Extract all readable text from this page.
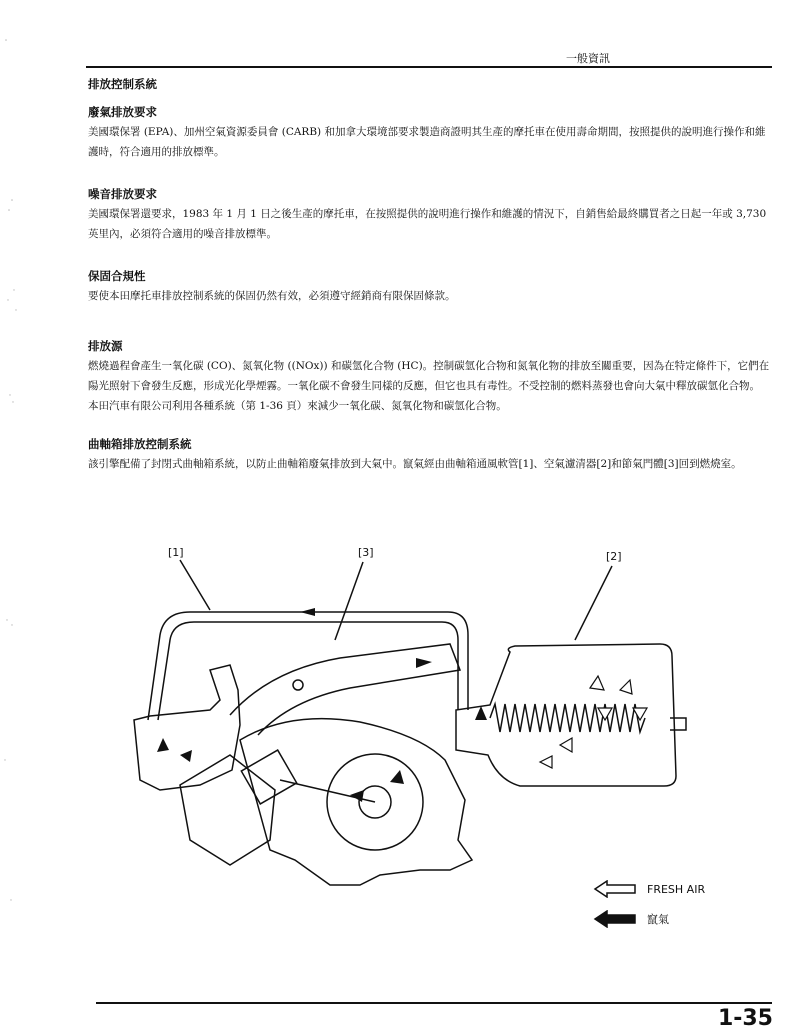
一般資訊

排放控制系統

廢氣排放要求

美國環保署 (EPA)、加州空氣資源委員會 (CARB) 和加拿大環境部要求製造商證明其生產的摩托車在使用壽命期間，按照提供的說明進行操作和維護時，符合適用的排放標準。

噪音排放要求

美國環保署還要求，1983 年 1 月 1 日之後生產的摩托車，在按照提供的說明進行操作和維護的情況下，自銷售給最終購買者之日起一年或 3,730 英里內，必須符合適用的噪音排放標準。

保固合規性

要使本田摩托車排放控制系統的保固仍然有效，必須遵守經銷商有限保固條款。

排放源

燃燒過程會產生一氧化碳 (CO)、氮氧化物 ((NOx)) 和碳氫化合物 (HC)。控制碳氫化合物和氮氧化物的排放至關重要，因為在特定條件下，它們在陽光照射下會發生反應，形成光化學煙霧。一氧化碳不會發生同樣的反應，但它也具有毒性。不受控制的燃料蒸發也會向大氣中釋放碳氫化合物。

本田汽車有限公司利用各種系統（第 1-36 頁）來減少一氧化碳、氮氧化物和碳氫化合物。

曲軸箱排放控制系統

該引擎配備了封閉式曲軸箱系統，以防止曲軸箱廢氣排放到大氣中。竄氣經由曲軸箱通風軟管[1]、空氣濾清器[2]和節氣門體[3]回到燃燒室。

[1]	[3]	[2]
FRESH AIR
竄氣
1-35
